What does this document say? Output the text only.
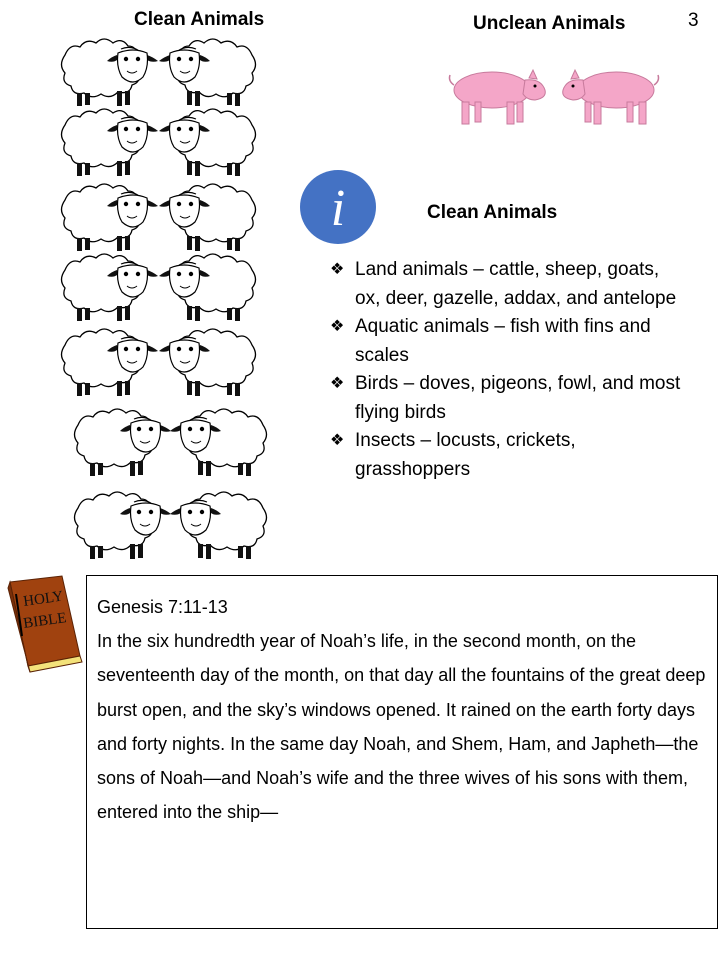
Clean Animals	Unclean Animals	3
i	Clean Animals
❖ Land animals – cattle, sheep, goats, ox, deer, gazelle, addax, and antelope
❖ Aquatic animals – fish with fins and scales
❖ Birds – doves, pigeons, fowl, and most flying birds
❖ Insects – locusts, crickets, grasshoppers
HOLY
BIBLE
Genesis 7:11-13
In the six hundredth year of Noah’s life, in the second month, on the seventeenth day of the month, on that day all the fountains of the great deep burst open, and the sky’s windows opened. It rained on the earth forty days and forty nights. In the same day Noah, and Shem, Ham, and Japheth—the sons of Noah—and Noah’s wife and the three wives of his sons with them, entered into the ship—
